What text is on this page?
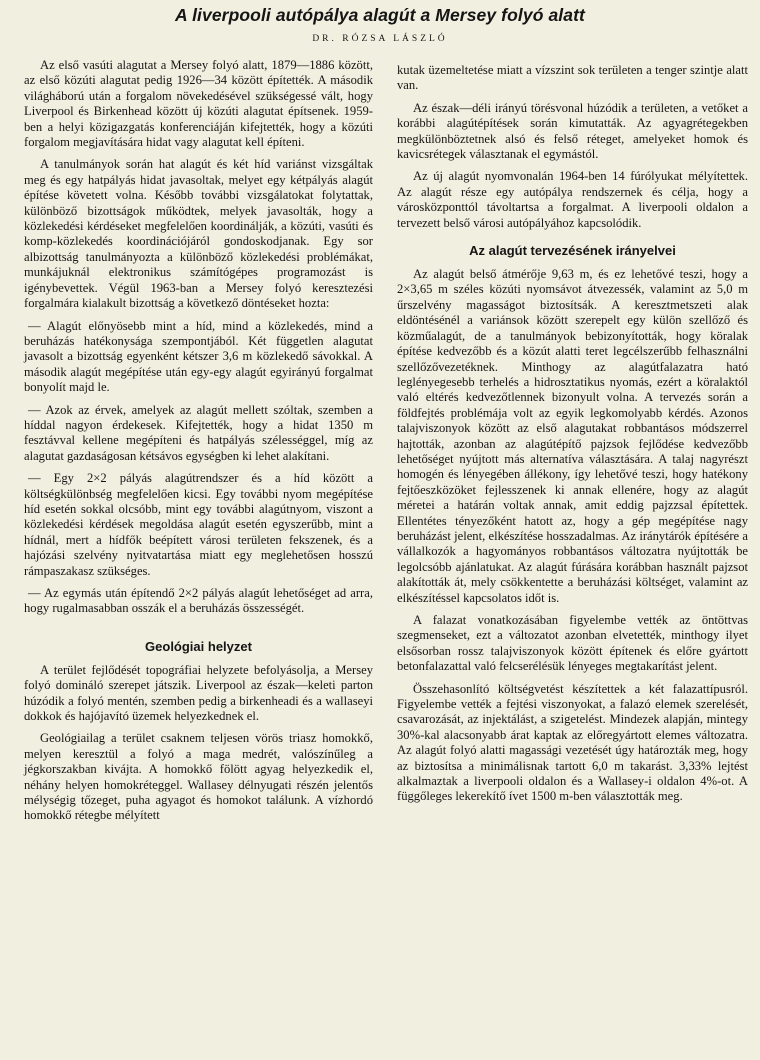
A liverpooli autópálya alagút a Mersey folyó alatt
DR. RÓZSA LÁSZLÓ

Az első vasúti alagutat a Mersey folyó alatt, 1879—1886 között, az első közúti alagutat pedig 1926—34 között építették. A második világháború után a forgalom növekedésével szükségessé vált, hogy Liverpool és Birkenhead között új közúti alagutat építsenek. 1959-ben a helyi közigazgatás konferenciáján kifejtették, hogy a közúti forgalom megjavítására hidat vagy alagutat kell építeni.

A tanulmányok során hat alagút és két híd variánst vizsgáltak meg és egy hatpályás hidat javasoltak, melyet egy kétpályás alagút építése követett volna. Később további vizsgálatokat folytattak, különböző bizottságok működtek, melyek javasolták, hogy a közlekedési kérdéseket megfelelően koordinálják, a közúti, vasúti és komp-közlekedés koordinációjáról gondoskodjanak. Egy sor albizottság tanulmányozta a különböző közlekedési problémákat, munkájuknál elektronikus számítógépes programozást is igénybevettek. Végül 1963-ban a Mersey folyó keresztezési forgalmára kialakult bizottság a következő döntéseket hozta:

— Alagút előnyösebb mint a híd, mind a közlekedés, mind a beruházás hatékonysága szempontjából. Két független alagutat javasolt a bizottság egyenként kétszer 3,6 m közlekedő sávokkal. A második alagút megépítése után egy-egy alagút egyirányú forgalmat bonyolít majd le.

— Azok az érvek, amelyek az alagút mellett szóltak, szemben a híddal nagyon érdekesek. Kifejtették, hogy a hidat 1350 m fesztávval kellene megépíteni és hatpályás szélességgel, míg az alagutat gazdaságosan kétsávos egységben ki lehet alakítani.

— Egy 2×2 pályás alagútrendszer és a híd között a költségkülönbség megfelelően kicsi. Egy további nyom megépítése híd esetén sokkal olcsóbb, mint egy további alagútnyom, viszont a közlekedési kérdések megoldása alagút esetén egyszerűbb, mint a hídnál, mert a hídfők beépített városi területen fekszenek, és a hajózási szelvény nyitvatartása miatt egy meglehetősen hosszú rámpaszakasz szükséges.

— Az egymás után építendő 2×2 pályás alagút lehetőséget ad arra, hogy rugalmasabban osszák el a beruházás összességét.

Geológiai helyzet

A terület fejlődését topográfiai helyzete befolyásolja, a Mersey folyó domináló szerepet játszik. Liverpool az észak—keleti parton húzódik a folyó mentén, szemben pedig a birkenheadi és a wallaseyi dokkok és hajójavító üzemek helyezkednek el.

Geológiailag a terület csaknem teljesen vörös triasz homokkő, melyen keresztül a folyó a maga medrét, valószínűleg a jégkorszakban kivájta. A homokkő fölött agyag helyezkedik el, néhány helyen homokréteggel. Wallasey délnyugati részén jelentős mélységig tőzeget, puha agyagot és homokot találunk. A vízhordó homokkő rétegbe mélyített

kutak üzemeltetése miatt a vízszint sok területen a tenger szintje alatt van.

Az észak—déli irányú törésvonal húzódik a területen, a vetőket a korábbi alagútépítések során kimutatták. Az agyagrétegekben megkülönböztetnek alsó és felső réteget, amelyeket homok és kavicsrétegek választanak el egymástól.

Az új alagút nyomvonalán 1964-ben 14 fúrólyukat mélyítettek. Az alagút része egy autópálya rendszernek és célja, hogy a városközponttól távoltartsa a forgalmat. A liverpooli oldalon a tervezett belső városi autópályához kapcsolódik.

Az alagút tervezésének irányelvei

Az alagút belső átmérője 9,63 m, és ez lehetővé teszi, hogy a 2×3,65 m széles közúti nyomsávot átvezessék, valamint az 5,0 m űrszelvény magasságot biztosítsák. A keresztmetszeti alak eldöntésénél a variánsok között szerepelt egy külön szellőző és közműalagút, de a tanulmányok bebizonyították, hogy köralak építése kedvezőbb és a közút alatti teret legcélszerűbb felhasználni szellőzővezetéknek. Minthogy az alagútfalazatra ható leglényegesebb terhelés a hidrosztatikus nyomás, ezért a köralaktól való eltérés kedvezőtlennek bizonyult volna. A tervezés során a földfejtés problémája volt az egyik legkomolyabb kérdés. Azonos talajviszonyok között az első alagutakat robbantásos módszerrel hajtották, azonban az alagútépítő pajzsok fejlődése kedvezőbb lehetőséget nyújtott más alternatíva választására. A talaj nagyrészt homogén és lényegében állékony, így lehetővé teszi, hogy hatékony fejtőeszközöket fejlesszenek ki annak ellenére, hogy az alagút méretei a határán voltak annak, amit eddig pajzzsal építettek. Ellentétes tényezőként hatott az, hogy a gép megépítése nagy beruházást jelent, elkészítése hosszadalmas. Az iránytárók építésére a vállalkozók a hagyományos robbantásos változatra nyújtották be legolcsóbb ajánlatukat. Az alagút fúrására korábban használt pajzsot alakították át, mely csökkentette a beruházási költséget, valamint az elkészítéssel kapcsolatos időt is.

A falazat vonatkozásában figyelembe vették az öntöttvas szegmenseket, ezt a változatot azonban elvetették, minthogy ilyet elsősorban rossz talajviszonyok között építenek és előre gyártott betonfalazattal való felcserélésük lényeges megtakarítást jelent.

Összehasonlító költségvetést készítettek a két falazattípusról. Figyelembe vették a fejtési viszonyokat, a falazó elemek szerelését, csavarozását, az injektálást, a szigetelést. Mindezek alapján, mintegy 30%-kal alacsonyabb árat kaptak az előregyártott elemes változatra. Az alagút folyó alatti magassági vezetését úgy határozták meg, hogy az biztosítsa a minimálisnak tartott 6,0 m takarást. 3,33% lejtést alkalmaztak a liverpooli oldalon és a Wallasey-i oldalon 4%-ot. A függőleges lekerekítő ívet 1500 m-ben választották meg.
